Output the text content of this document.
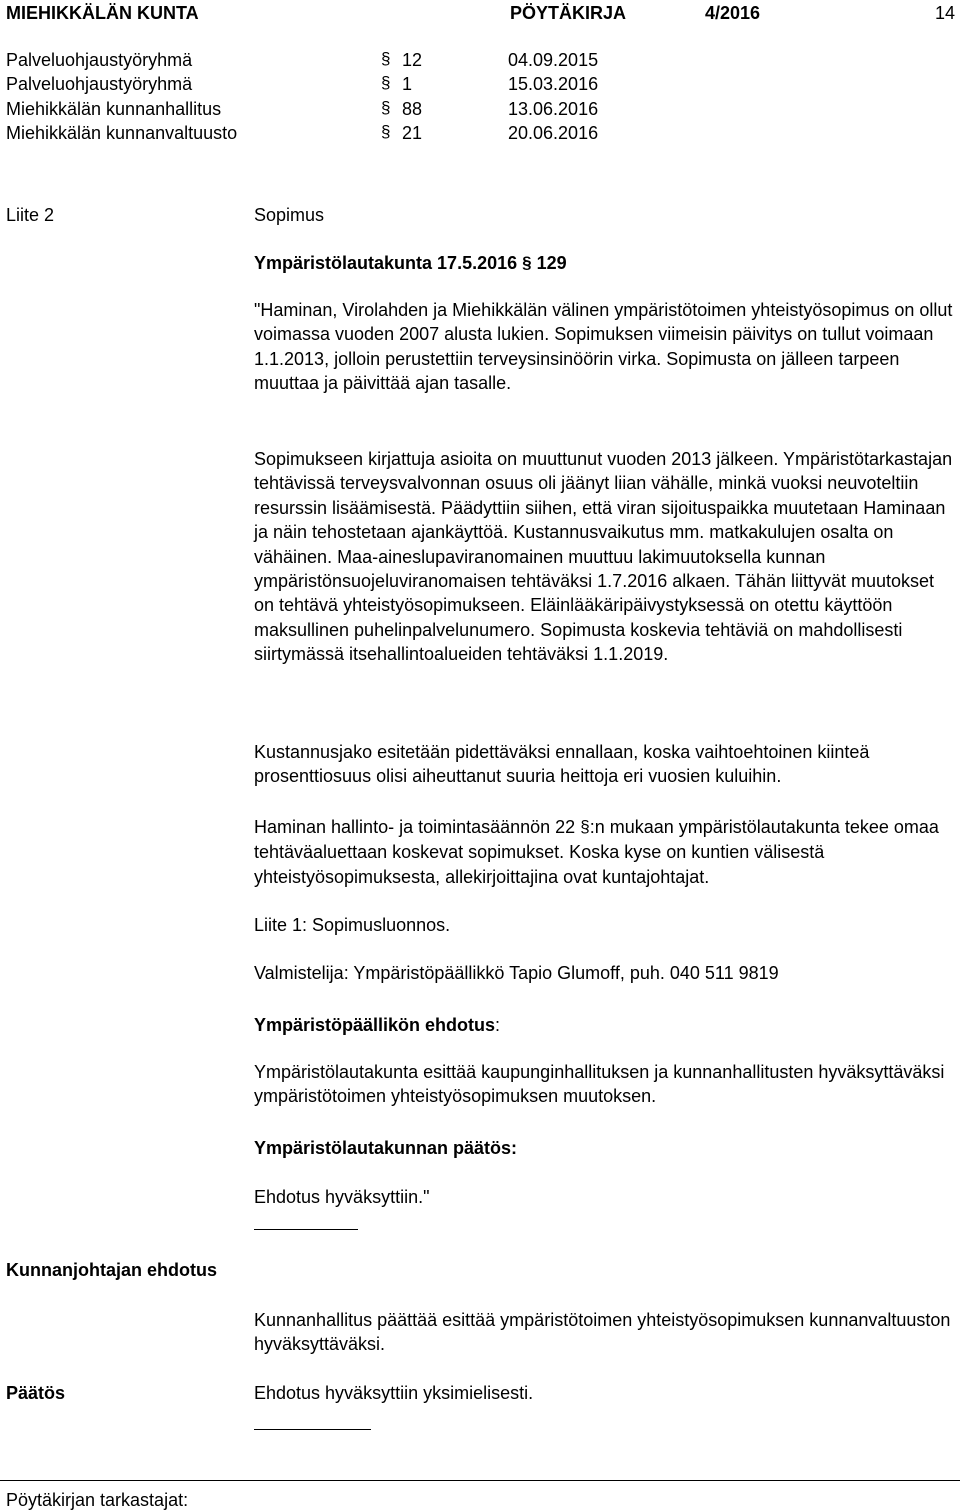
MIEHIKKÄLÄN KUNTA	PÖYTÄKIRJA	4/2016	14
Palveluohjaustyöryhmä	§ 12	04.09.2015
Palveluohjaustyöryhmä	§ 1	15.03.2016
Miehikkälän kunnanhallitus	§ 88	13.06.2016
Miehikkälän kunnanvaltuusto	§ 21	20.06.2016
Liite 2	Sopimus
Ympäristölautakunta 17.5.2016 § 129

"Haminan, Virolahden ja Miehikkälän välinen ympäristötoimen yhteistyösopimus on ollut voimassa vuoden 2007 alusta lukien. Sopimuksen viimeisin päivitys on tullut voimaan 1.1.2013, jolloin perustettiin terveysinsinöörin virka. Sopimusta on jälleen tarpeen muuttaa ja päivittää ajan tasalle.

Sopimukseen kirjattuja asioita on muuttunut vuoden 2013 jälkeen. Ympäristötarkastajan tehtävissä terveysvalvonnan osuus oli jäänyt liian vähälle, minkä vuoksi neuvoteltiin resurssin lisäämisestä. Päädyttiin siihen, että viran sijoituspaikka muutetaan Haminaan ja näin tehostetaan ajankäyttöä. Kustannusvaikutus mm. matkakulujen osalta on vähäinen. Maa-aineslupaviranomainen muuttuu lakimuutoksella kunnan ympäristönsuojeluviranomaisen tehtäväksi 1.7.2016 alkaen. Tähän liittyvät muutokset on tehtävä yhteistyösopimukseen. Eläinlääkäripäivystyksessä on otettu käyttöön maksullinen puhelinpalvelunumero. Sopimusta koskevia tehtäviä on mahdollisesti siirtymässä itsehallintoalueiden tehtäväksi 1.1.2019.

Kustannusjako esitetään pidettäväksi ennallaan, koska vaihtoehtoinen kiinteä prosenttiosuus olisi aiheuttanut suuria heittoja eri vuosien kuluihin.

Haminan hallinto- ja toimintasäännön 22 §:n mukaan ympäristölautakunta tekee omaa tehtäväaluettaan koskevat sopimukset. Koska kyse on kuntien välisestä yhteistyösopimuksesta, allekirjoittajina ovat kuntajohtajat.

Liite 1: Sopimusluonnos.
Valmistelija: Ympäristöpäällikkö Tapio Glumoff, puh. 040 511 9819
Ympäristöpäällikön ehdotus:

Ympäristölautakunta esittää kaupunginhallituksen ja kunnanhallitusten hyväksyttäväksi ympäristötoimen yhteistyösopimuksen muutoksen.

Ympäristölautakunnan päätös:
Ehdotus hyväksyttiin."
Kunnanjohtajan ehdotus

Kunnanhallitus päättää esittää ympäristötoimen yhteistyösopimuksen kunnanvaltuuston hyväksyttäväksi.

Päätös	Ehdotus hyväksyttiin yksimielisesti.
Pöytäkirjan tarkastajat:
